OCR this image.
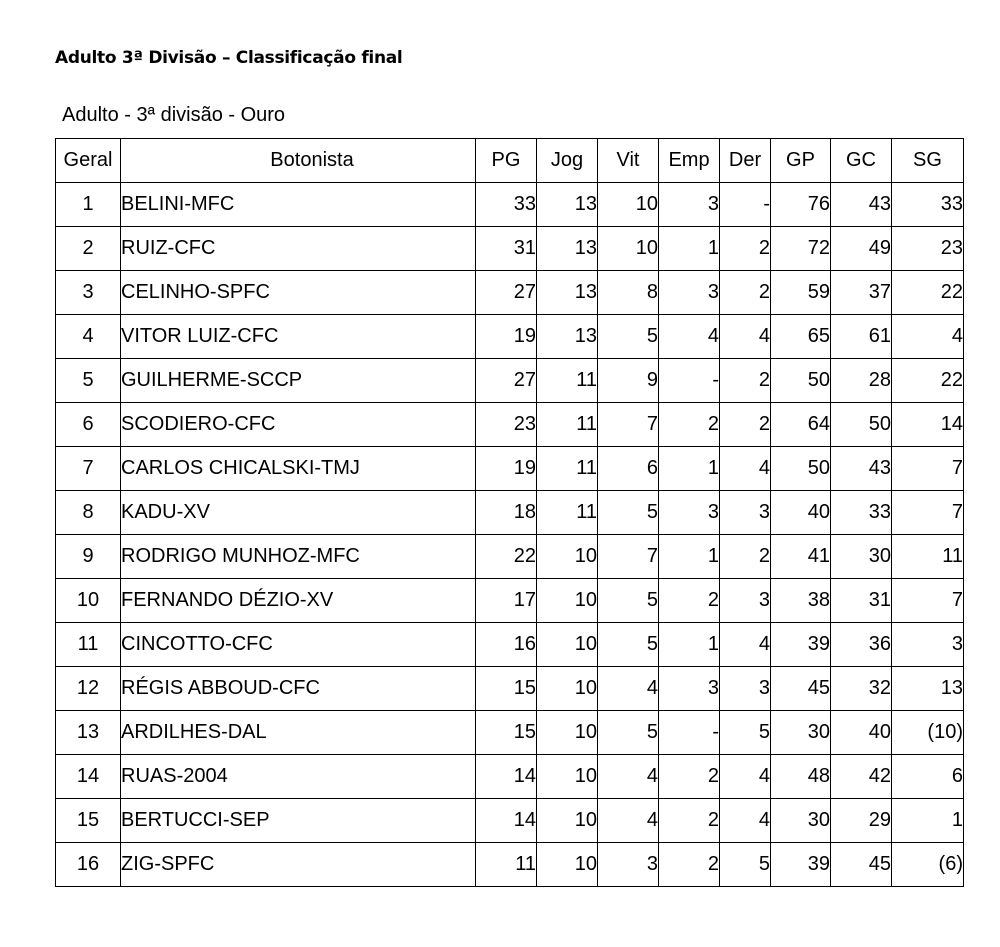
Adulto 3ª Divisão – Classificação final
Adulto - 3ª divisão - Ouro
Geral	Botonista	PG	Jog	Vit	Emp	Der	GP	GC	SG
1	BELINI-MFC	33	13	10	3	-	76	43	33
2	RUIZ-CFC	31	13	10	1	2	72	49	23
3	CELINHO-SPFC	27	13	8	3	2	59	37	22
4	VITOR LUIZ-CFC	19	13	5	4	4	65	61	4
5	GUILHERME-SCCP	27	11	9	-	2	50	28	22
6	SCODIERO-CFC	23	11	7	2	2	64	50	14
7	CARLOS CHICALSKI-TMJ	19	11	6	1	4	50	43	7
8	KADU-XV	18	11	5	3	3	40	33	7
9	RODRIGO MUNHOZ-MFC	22	10	7	1	2	41	30	11
10	FERNANDO DÉZIO-XV	17	10	5	2	3	38	31	7
11	CINCOTTO-CFC	16	10	5	1	4	39	36	3
12	RÉGIS ABBOUD-CFC	15	10	4	3	3	45	32	13
13	ARDILHES-DAL	15	10	5	-	5	30	40	(10)
14	RUAS-2004	14	10	4	2	4	48	42	6
15	BERTUCCI-SEP	14	10	4	2	4	30	29	1
16	ZIG-SPFC	11	10	3	2	5	39	45	(6)
